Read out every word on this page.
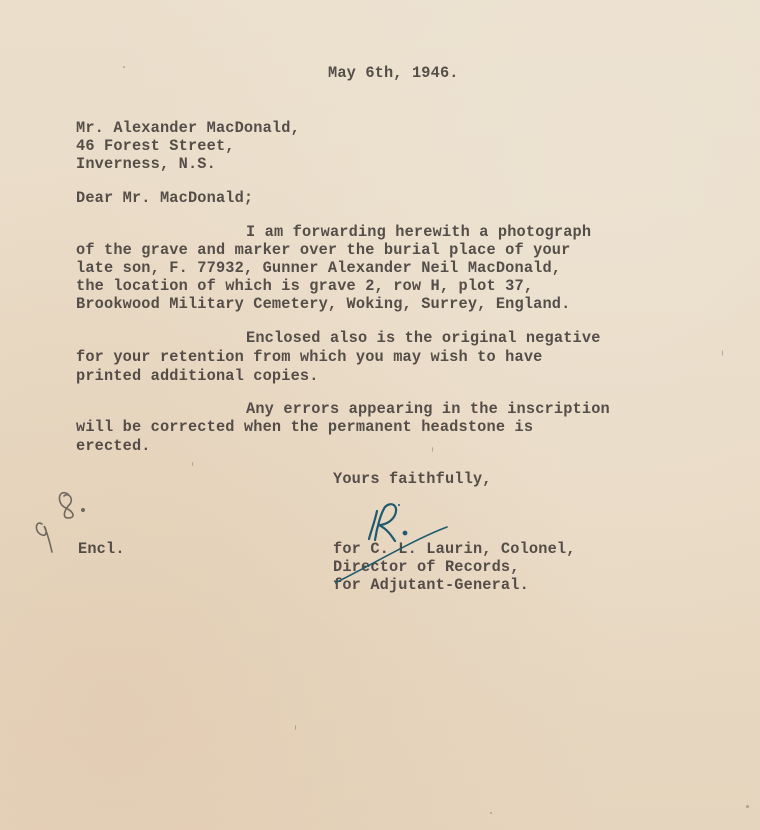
May 6th, 1946.
Mr. Alexander MacDonald,
46 Forest Street,
Inverness, N.S.
Dear Mr. MacDonald;
I am forwarding herewith a photograph
of the grave and marker over the burial place of your
late son, F. 77932, Gunner Alexander Neil MacDonald,
the location of which is grave 2, row H, plot 37,
Brookwood Military Cemetery, Woking, Surrey, England.
Enclosed also is the original negative
for your retention from which you may wish to have
printed additional copies.
Any errors appearing in the inscription
will be corrected when the permanent headstone is
erected.
Yours faithfully,
Encl.	for C. L. Laurin, Colonel,
Director of Records,
for Adjutant-General.
